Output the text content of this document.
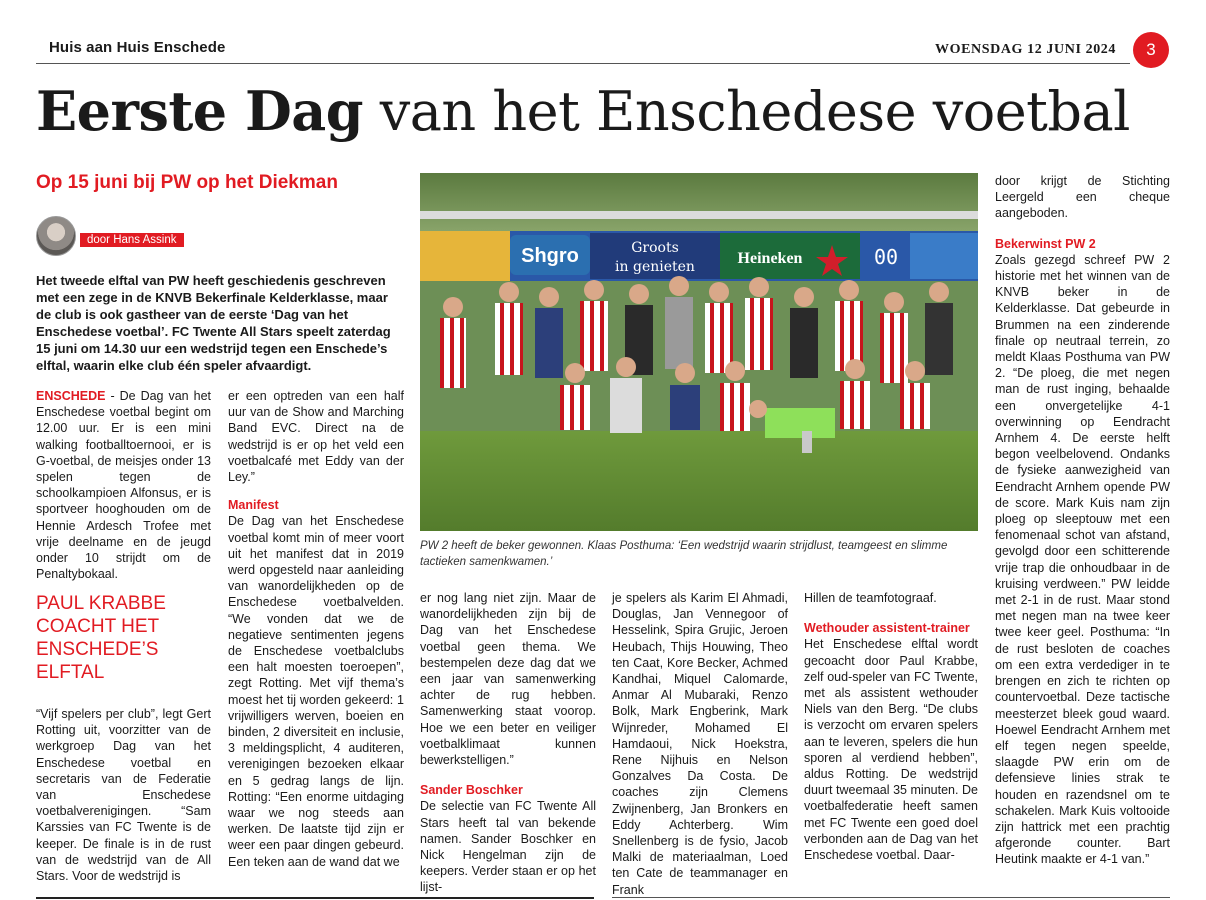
Huis aan Huis Enschede	WOENSDAG 12 JUNI 2024	3
Eerste Dag van het Enschedese voetbal
Op 15 juni bij PW op het Diekman
door Hans Assink

Het tweede elftal van PW heeft geschiedenis geschreven met een zege in de KNVB Bekerfinale Kelderklasse, maar de club is ook gastheer van de eerste ‘Dag van het Enschedese voetbal’. FC Twente All Stars speelt zaterdag 15 juni om 14.30 uur een wedstrijd tegen een Enschede’s elftal, waarin elke club één speler afvaardigt.

ENSCHEDE - De Dag van het Enschedese voetbal begint om 12.00 uur. Er is een mini walking footballtoernooi, er is G-voetbal, de meisjes onder 13 spelen tegen de schoolkampioen Alfonsus, er is sportveer hooghouden om de Hennie Ardesch Trofee met vrije deelname en de jeugd onder 10 strijdt om de Penaltybokaal.

PAUL KRABBE COACHT HET ENSCHEDE’S ELFTAL

“Vijf spelers per club”, legt Gert Rotting uit, voorzitter van de werkgroep Dag van het Enschedese voetbal en secretaris van de Federatie van Enschedese voetbalverenigingen. “Sam Karssies van FC Twente is de keeper. De finale is in de rust van de wedstrijd van de All Stars. Voor de wedstrijd is

er een optreden van een half uur van de Show and Marching Band EVC. Direct na de wedstrijd is er op het veld een voetbalcafé met Eddy van der Ley.”

Manifest

De Dag van het Enschedese voetbal komt min of meer voort uit het manifest dat in 2019 werd opgesteld naar aanleiding van wanordelijkheden op de Enschedese voetbalvelden. “We vonden dat we de negatieve sentimenten jegens de Enschedese voetbalclubs een halt moesten toeroepen”, zegt Rotting. Met vijf thema’s moest het tij worden gekeerd: 1 vrijwilligers werven, boeien en binden, 2 diversiteit en inclusie, 3 meldingsplicht, 4 auditeren, verenigingen bezoeken elkaar en 5 gedrag langs de lijn. Rotting: “Een enorme uitdaging waar we nog steeds aan werken. De laatste tijd zijn er weer een paar dingen gebeurd. Een teken aan de wand dat we

Shgro	Groots
in genieten	Heineken	00

PW 2 heeft de beker gewonnen. Klaas Posthuma: ‘Een wedstrijd waarin strijdlust, teamgeest en slimme tactieken samenkwamen.’

er nog lang niet zijn. Maar de wanordelijkheden zijn bij de Dag van het Enschedese voetbal geen thema. We bestempelen deze dag dat we een jaar van samenwerking achter de rug hebben. Samenwerking staat voorop. Hoe we een beter en veiliger voetbalklimaat kunnen bewerkstelligen.”

Sander Boschker

De selectie van FC Twente All Stars heeft tal van bekende namen. Sander Boschker en Nick Hengelman zijn de keepers. Verder staan er op het lijst-

je spelers als Karim El Ahmadi, Douglas, Jan Vennegoor of Hesselink, Spira Grujic, Jeroen Heubach, Thijs Houwing, Theo ten Caat, Kore Becker, Achmed Kandhai, Miquel Calomarde, Anmar Al Mubaraki, Renzo Bolk, Mark Engberink, Mark Wijnreder, Mohamed El Hamdaoui, Nick Hoekstra, Rene Nijhuis en Nelson Gonzalves Da Costa. De coaches zijn Clemens Zwijnenberg, Jan Bronkers en Eddy Achterberg. Wim Snellenberg is de fysio, Jacob Malki de materiaalman, Loed ten Cate de teammanager en Frank

Hillen de teamfotograaf.

Wethouder assistent-trainer

Het Enschedese elftal wordt gecoacht door Paul Krabbe, zelf oud-speler van FC Twente, met als assistent wethouder Niels van den Berg. “De clubs is verzocht om ervaren spelers aan te leveren, spelers die hun sporen al verdiend hebben”, aldus Rotting. De wedstrijd duurt tweemaal 35 minuten. De voetbalfederatie heeft samen met FC Twente een goed doel verbonden aan de Dag van het Enschedese voetbal. Daar-

door krijgt de Stichting Leergeld een cheque aangeboden.

Bekerwinst PW 2

Zoals gezegd schreef PW 2 historie met het winnen van de KNVB beker in de Kelderklasse. Dat gebeurde in Brummen na een zinderende finale op neutraal terrein, zo meldt Klaas Posthuma van PW 2. “De ploeg, die met negen man de rust inging, behaalde een onvergetelijke 4-1 overwinning op Eendracht Arnhem 4. De eerste helft begon veelbelovend. Ondanks de fysieke aanwezigheid van Eendracht Arnhem opende PW de score. Mark Kuis nam zijn ploeg op sleeptouw met een fenomenaal schot van afstand, gevolgd door een schitterende vrije trap die onhoudbaar in de kruising verdween.” PW leidde met 2-1 in de rust. Maar stond met negen man na twee keer twee keer geel. Posthuma: “In de rust besloten de coaches om een extra verdediger in te brengen en zich te richten op countervoetbal. Deze tactische meesterzet bleek goud waard. Hoewel Eendracht Arnhem met elf tegen negen speelde, slaagde PW erin om de defensieve linies strak te houden en razendsnel om te schakelen. Mark Kuis voltooide zijn hattrick met een prachtig afgeronde counter. Bart Heutink maakte er 4-1 van.”
